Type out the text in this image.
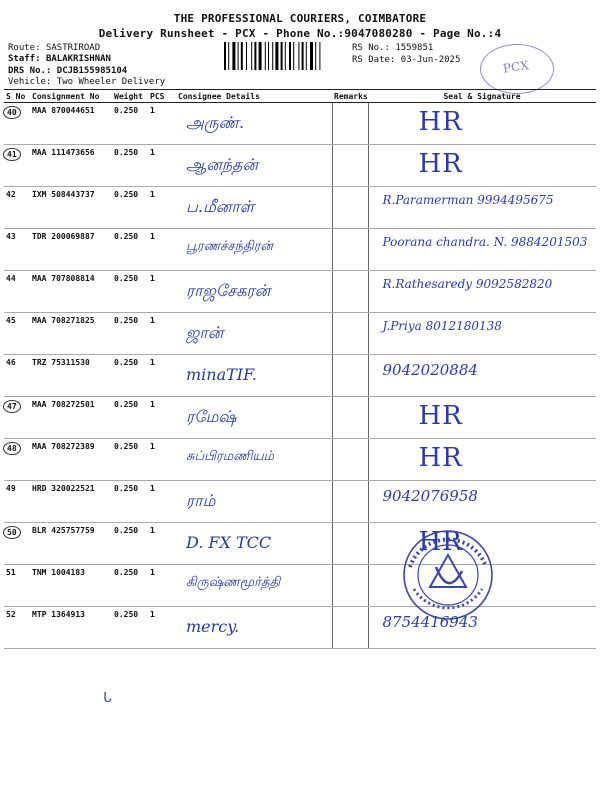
THE PROFESSIONAL COURIERS, COIMBATORE
Delivery Runsheet - PCX - Phone No.:9047080280 - Page No.:4
Route: SASTRIROAD
Staff: BALAKRISHNAN
DRS No.: DCJB155985104
Vehicle: Two Wheeler Delivery
RS No.: 1559851
RS Date: 03-Jun-2025	PCX
S No	Consignment No	Weight	PCS	Consignee Details	Remarks	Seal & Signature
40	MAA 870044651	0.250	1	அருண்.		HR

41	MAA 111473656	0.250	1	ஆனந்தன்		HR

42	IXM 508443737	0.250	1	ப.மீனாள்		R.Paramerman 9994495675

43	TDR 200069887	0.250	1	பூரணச்சந்திரன்		Poorana chandra. N. 9884201503

44	MAA 707808814	0.250	1	ராஜசேகரன்		R.Rathesaredy 9092582820

45	MAA 708271825	0.250	1	ஜான்		J.Priya 8012180138

46	TRZ 75311530	0.250	1	minaTIF.		9042020884

47	MAA 708272501	0.250	1	ரமேஷ்		HR

48	MAA 708272389	0.250	1	சுப்பிரமணியம்		HR

49	HRD 320022521	0.250	1	ராம்		9042076958

50	BLR 425757759	0.250	1	D. FX TCC		HR

51	TNM 1004183	0.250	1	கிருஷ்ணமூர்த்தி		

52	MTP 1364913	0.250	1	mercy.		8754416943
ᒐ
